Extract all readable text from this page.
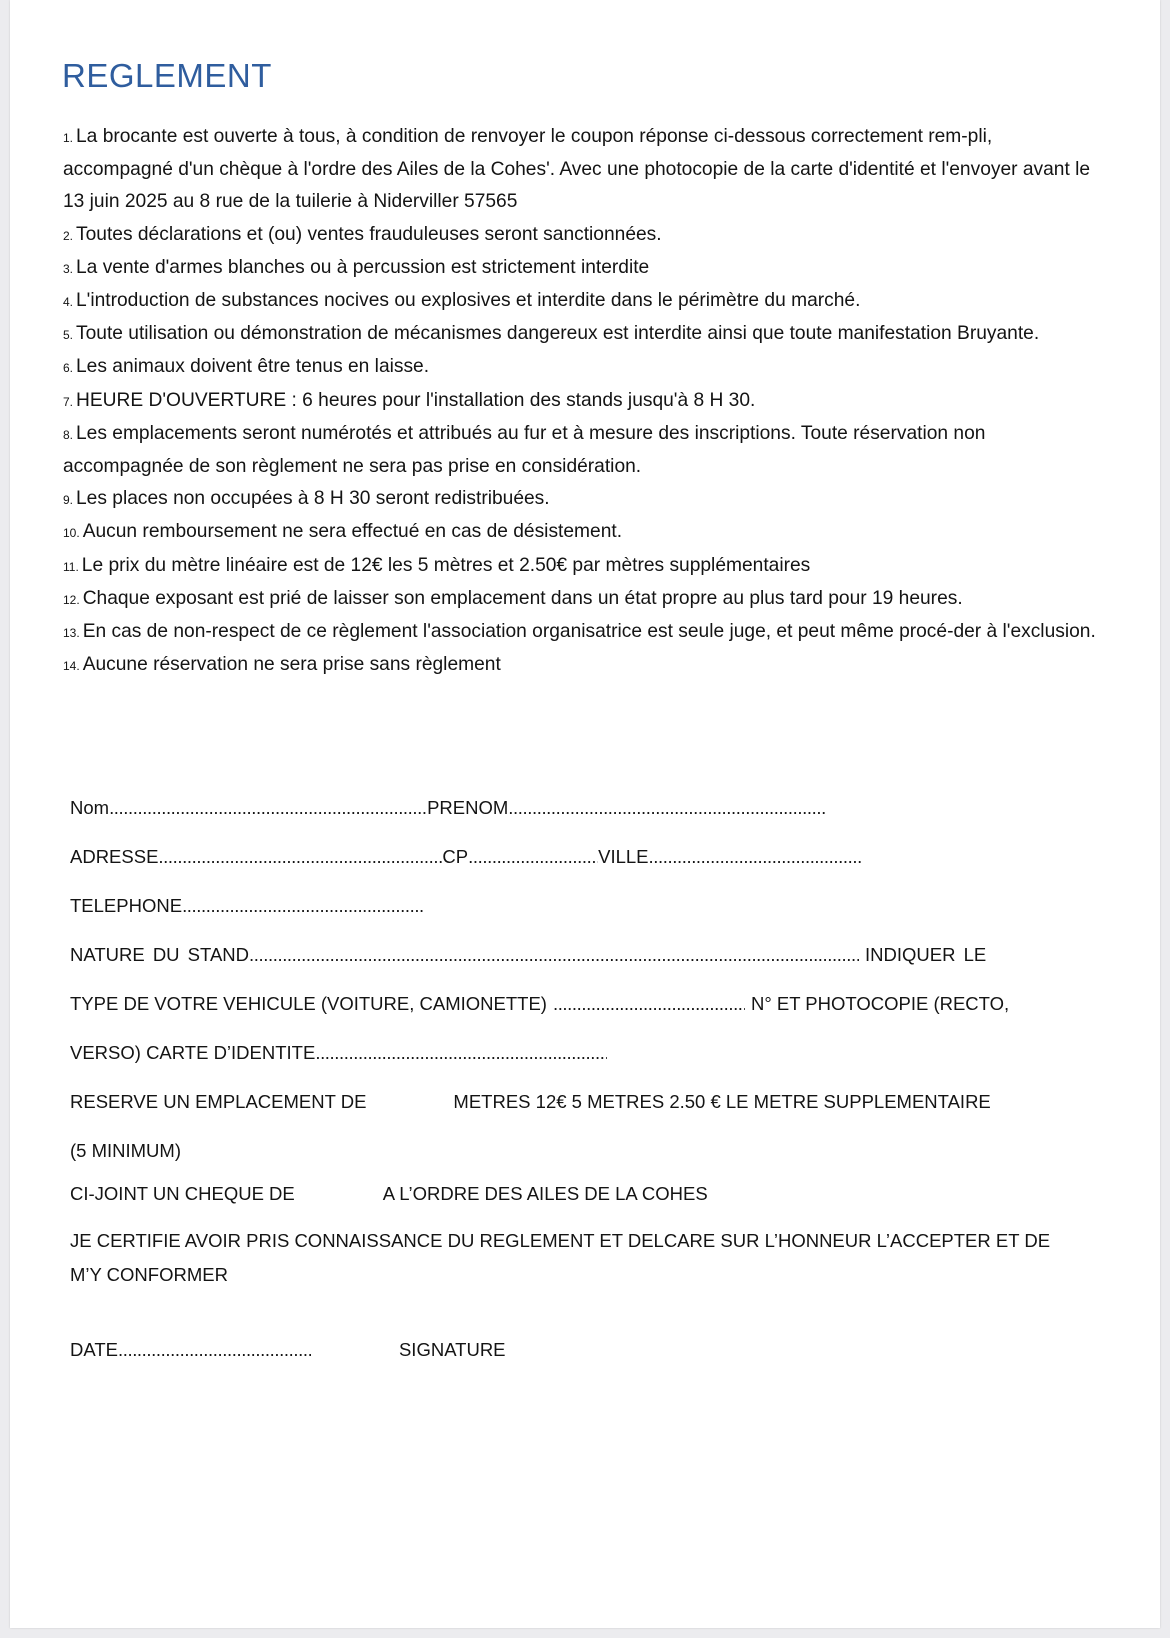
REGLEMENT

1. La brocante est ouverte à tous, à condition de renvoyer le coupon réponse ci-dessous correctement rem-pli, accompagné d'un chèque à l'ordre des Ailes de la Cohes'. Avec une photocopie de la carte d'identité et l'envoyer avant le 13 juin 2025 au 8 rue de la tuilerie à Niderviller 57565

2. Toutes déclarations et (ou) ventes frauduleuses seront sanctionnées.

3. La vente d'armes blanches ou à percussion est strictement interdite

4. L'introduction de substances nocives ou explosives et interdite dans le périmètre du marché.

5. Toute utilisation ou démonstration de mécanismes dangereux est interdite ainsi que toute manifestation Bruyante.

6. Les animaux doivent être tenus en laisse.

7. HEURE D'OUVERTURE : 6 heures pour l'installation des stands jusqu'à 8 H 30.

8. Les emplacements seront numérotés et attribués au fur et à mesure des inscriptions. Toute réservation non accompagnée de son règlement ne sera pas prise en considération.

9. Les places non occupées à 8 H 30 seront redistribuées.

10. Aucun remboursement ne sera effectué en cas de désistement.

11. Le prix du mètre linéaire est de 12€ les 5 mètres et 2.50€ par mètres supplémentaires

12. Chaque exposant est prié de laisser son emplacement dans un état propre au plus tard pour 19 heures.

13. En cas de non-respect de ce règlement l'association organisatrice est seule juge, et peut même procé-der à l'exclusion.

14. Aucune réservation ne sera prise sans règlement

Nom .....	PRENOM.....
ADRESSE .....	CP .....	VILLE.....
TELEPHONE.....
NATURE DU STAND .....	INDIQUER LE
TYPE DE VOTRE VEHICULE (VOITURE, CAMIONETTE) .....	N° ET PHOTOCOPIE (RECTO,
VERSO) CARTE D’IDENTITE.....
RESERVE UN EMPLACEMENT DE	METRES 12€ 5 METRES 2.50 € LE METRE SUPPLEMENTAIRE
(5 MINIMUM)
CI-JOINT UN CHEQUE DE	A L’ORDRE DES AILES DE LA COHES
JE CERTIFIE AVOIR PRIS CONNAISSANCE DU REGLEMENT ET DELCARE SUR L’HONNEUR L’ACCEPTER ET DE M’Y CONFORMER
DATE .....	SIGNATURE
